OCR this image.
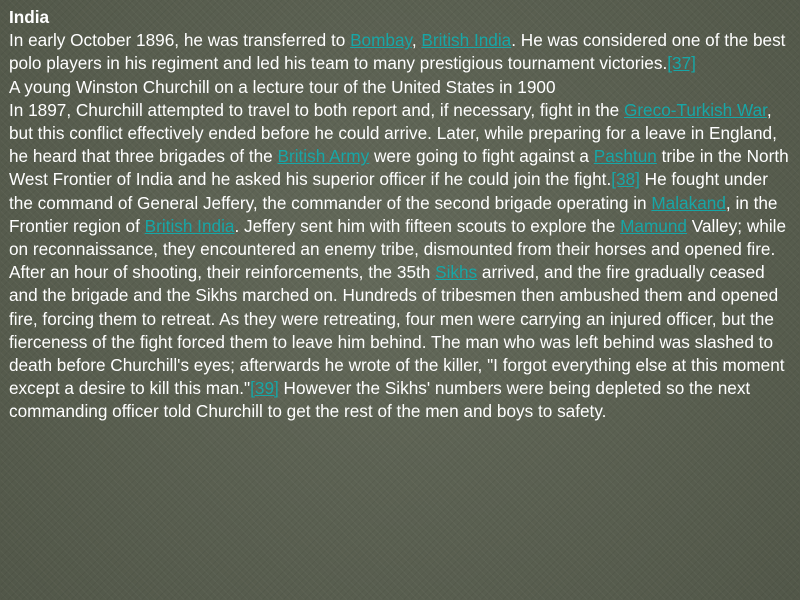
India

In early October 1896, he was transferred to Bombay, British India. He was considered one of the best polo players in his regiment and led his team to many prestigious tournament victories.[37]

A young Winston Churchill on a lecture tour of the United States in 1900

In 1897, Churchill attempted to travel to both report and, if necessary, fight in the Greco-Turkish War, but this conflict effectively ended before he could arrive. Later, while preparing for a leave in England, he heard that three brigades of the British Army were going to fight against a Pashtun tribe in the North West Frontier of India and he asked his superior officer if he could join the fight.[38] He fought under the command of General Jeffery, the commander of the second brigade operating in Malakand, in the Frontier region of British India. Jeffery sent him with fifteen scouts to explore the Mamund Valley; while on reconnaissance, they encountered an enemy tribe, dismounted from their horses and opened fire. After an hour of shooting, their reinforcements, the 35th Sikhs arrived, and the fire gradually ceased and the brigade and the Sikhs marched on. Hundreds of tribesmen then ambushed them and opened fire, forcing them to retreat. As they were retreating, four men were carrying an injured officer, but the fierceness of the fight forced them to leave him behind. The man who was left behind was slashed to death before Churchill's eyes; afterwards he wrote of the killer, "I forgot everything else at this moment except a desire to kill this man."[39] However the Sikhs' numbers were being depleted so the next commanding officer told Churchill to get the rest of the men and boys to safety.
